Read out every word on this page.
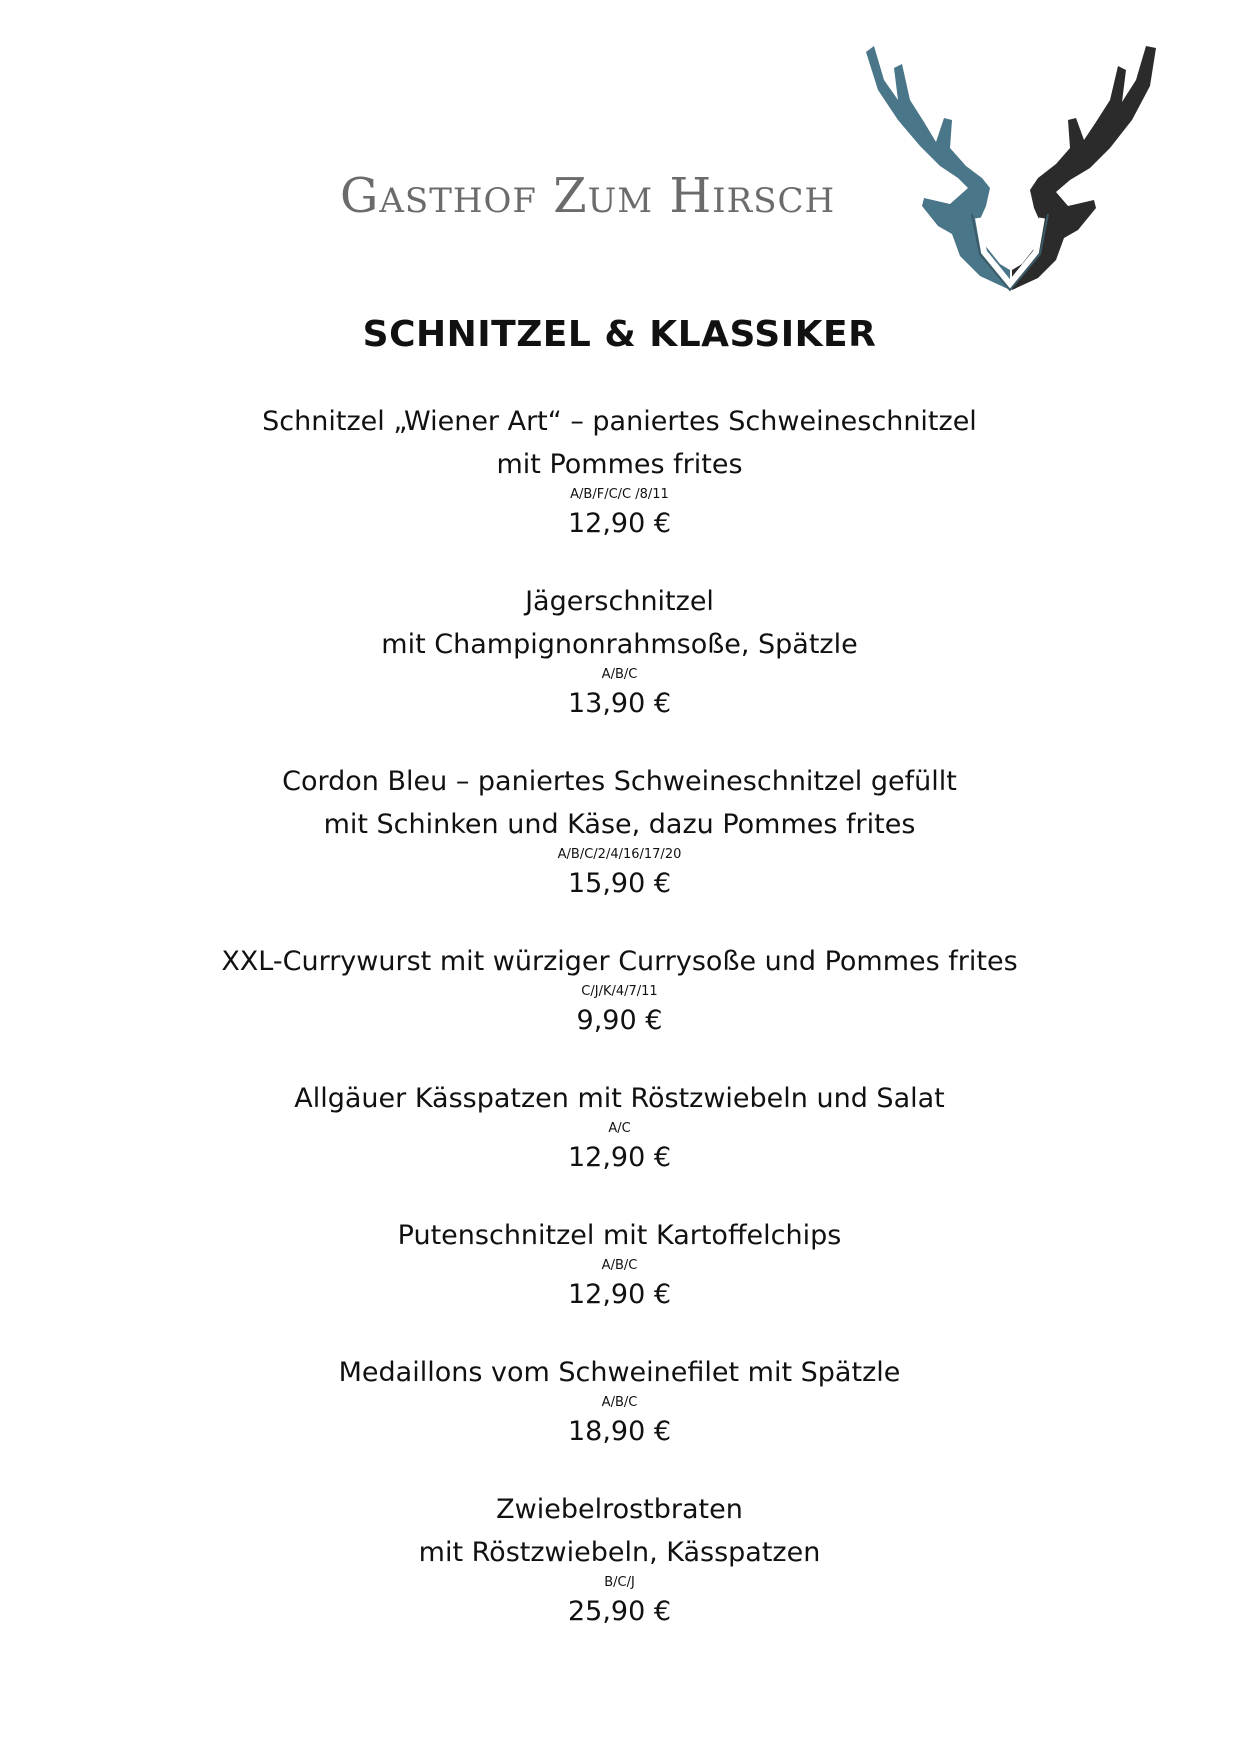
Gasthof Zum Hirsch
SCHNITZEL & KLASSIKER
Schnitzel „Wiener Art“ – paniertes Schweineschnitzel
mit Pommes frites
A/B/F/C/C /8/11
12,90 €
Jägerschnitzel
mit Champignonrahmsoße, Spätzle
A/B/C
13,90 €
Cordon Bleu – paniertes Schweineschnitzel gefüllt
mit Schinken und Käse, dazu Pommes frites
A/B/C/2/4/16/17/20
15,90 €
XXL-Currywurst mit würziger Currysoße und Pommes frites
C/J/K/4/7/11
9,90 €
Allgäuer Kässpatzen mit Röstzwiebeln und Salat
A/C
12,90 €
Putenschnitzel mit Kartoffelchips
A/B/C
12,90 €
Medaillons vom Schweinefilet mit Spätzle
A/B/C
18,90 €
Zwiebelrostbraten
mit Röstzwiebeln, Kässpatzen
B/C/J
25,90 €
